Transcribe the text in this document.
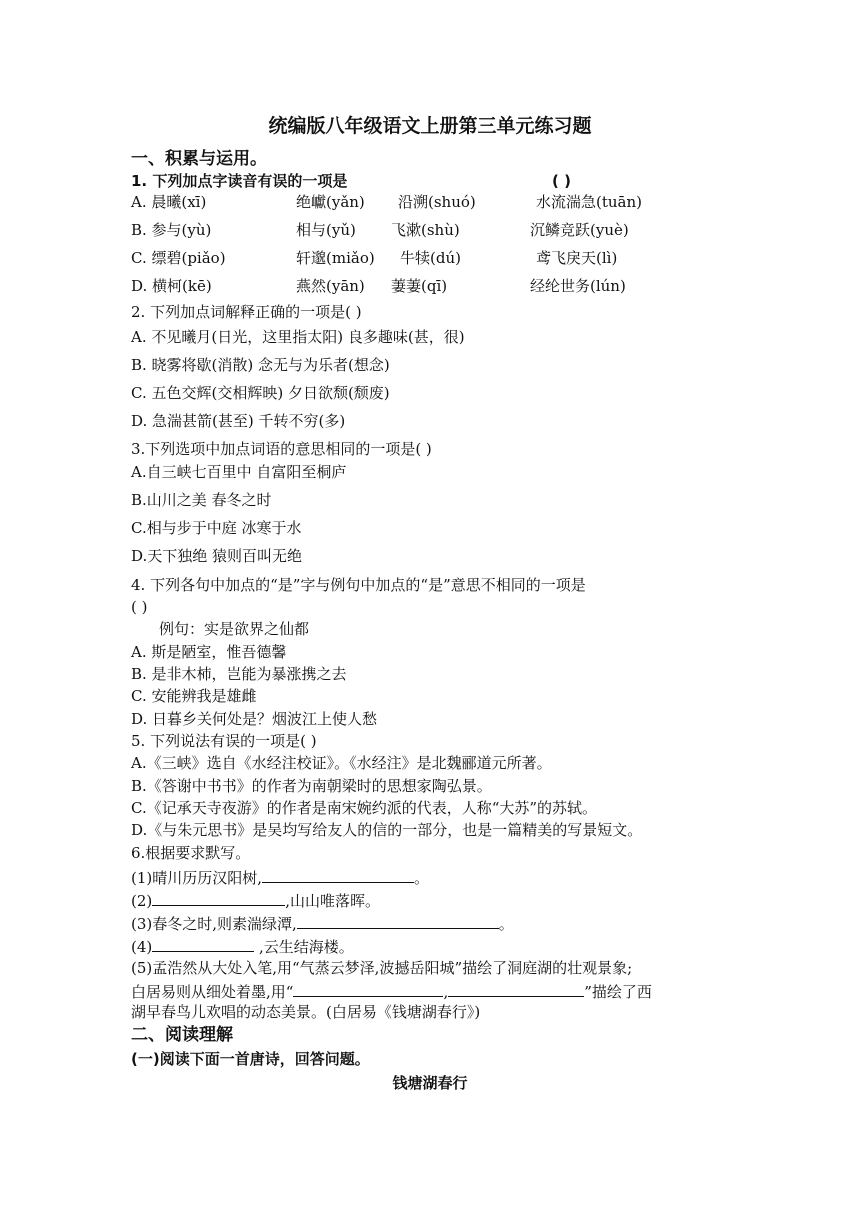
统编版八年级语文上册第三单元练习题
一、积累与运用。
1. 下列加点字读音有误的一项是	( )
A. 晨曦(xī)	绝巘(yǎn) 沿溯(shuó)	水流湍急(tuān)
B. 参与(yù)	相与(yǔ) 飞漱(shù)	沉鳞竞跃(yuè)
C. 缥碧(piǎo)	轩邈(miǎo) 牛犊(dú)	鸢飞戾天(lì)
D. 横柯(kē)	燕然(yān) 萋萋(qī)	经纶世务(lún)
2. 下列加点词解释正确的一项是( )
A. 不见曦月(日光，这里指太阳) 良多趣味(甚，很)
B. 晓雾将歇(消散) 念无与为乐者(想念)
C. 五色交辉(交相辉映) 夕日欲颓(颓废)
D. 急湍甚箭(甚至) 千转不穷(多)
3.下列选项中加点词语的意思相同的一项是( )
A.自三峡七百里中 自富阳至桐庐
B.山川之美 春冬之时
C.相与步于中庭 冰寒于水
D.天下独绝 猿则百叫无绝
4. 下列各句中加点的“是”字与例句中加点的“是”意思不相同的一项是
( )
例句：实是欲界之仙都
A. 斯是陋室，惟吾德馨
B. 是非木杮，岂能为暴涨携之去
C. 安能辨我是雄雌
D. 日暮乡关何处是？烟波江上使人愁
5. 下列说法有误的一项是( )
A.《三峡》选自《水经注校证》。《水经注》是北魏郦道元所著。
B.《答谢中书书》的作者为南朝梁时的思想家陶弘景。
C.《记承天寺夜游》的作者是南宋婉约派的代表，人称“大苏”的苏轼。
D.《与朱元思书》是吴均写给友人的信的一部分，也是一篇精美的写景短文。
6.根据要求默写。
(1)晴川历历汉阳树,	。
(2)	,山山唯落晖。
(3)春冬之时,则素湍绿潭,	。
(4)	,云生结海楼。
(5)孟浩然从大处入笔,用“气蒸云梦泽,波撼岳阳城”描绘了洞庭湖的壮观景象;
白居易则从细处着墨,用“	,	”描绘了西
湖早春鸟儿欢唱的动态美景。(白居易《钱塘湖春行》)
二、阅读理解
(一)阅读下面一首唐诗，回答问题。
钱塘湖春行
